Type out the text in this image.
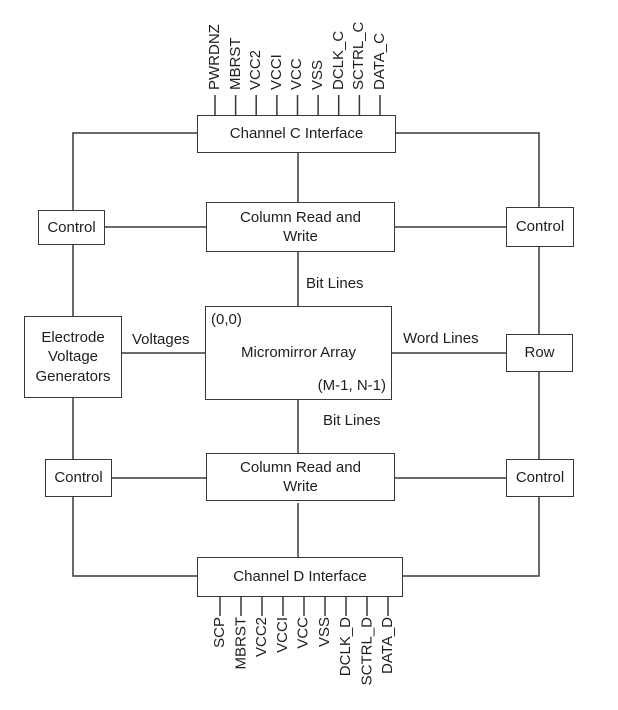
PWRDNZ MBRST VCC2 VCCI VCC VSS DCLK_C SCTRL_C DATA_C
SCP MBRST VCC2 VCCI VCC VSS DCLK_D SCTRL_D DATA_D
Channel C Interface
Column Read and Write
(0,0)
Micromirror Array
(M-1, N-1)
Column Read and Write
Channel D Interface
Control	Control
Electrode Voltage Generators
Row
Control	Control
Bit Lines
Bit Lines
Voltages	Word Lines
